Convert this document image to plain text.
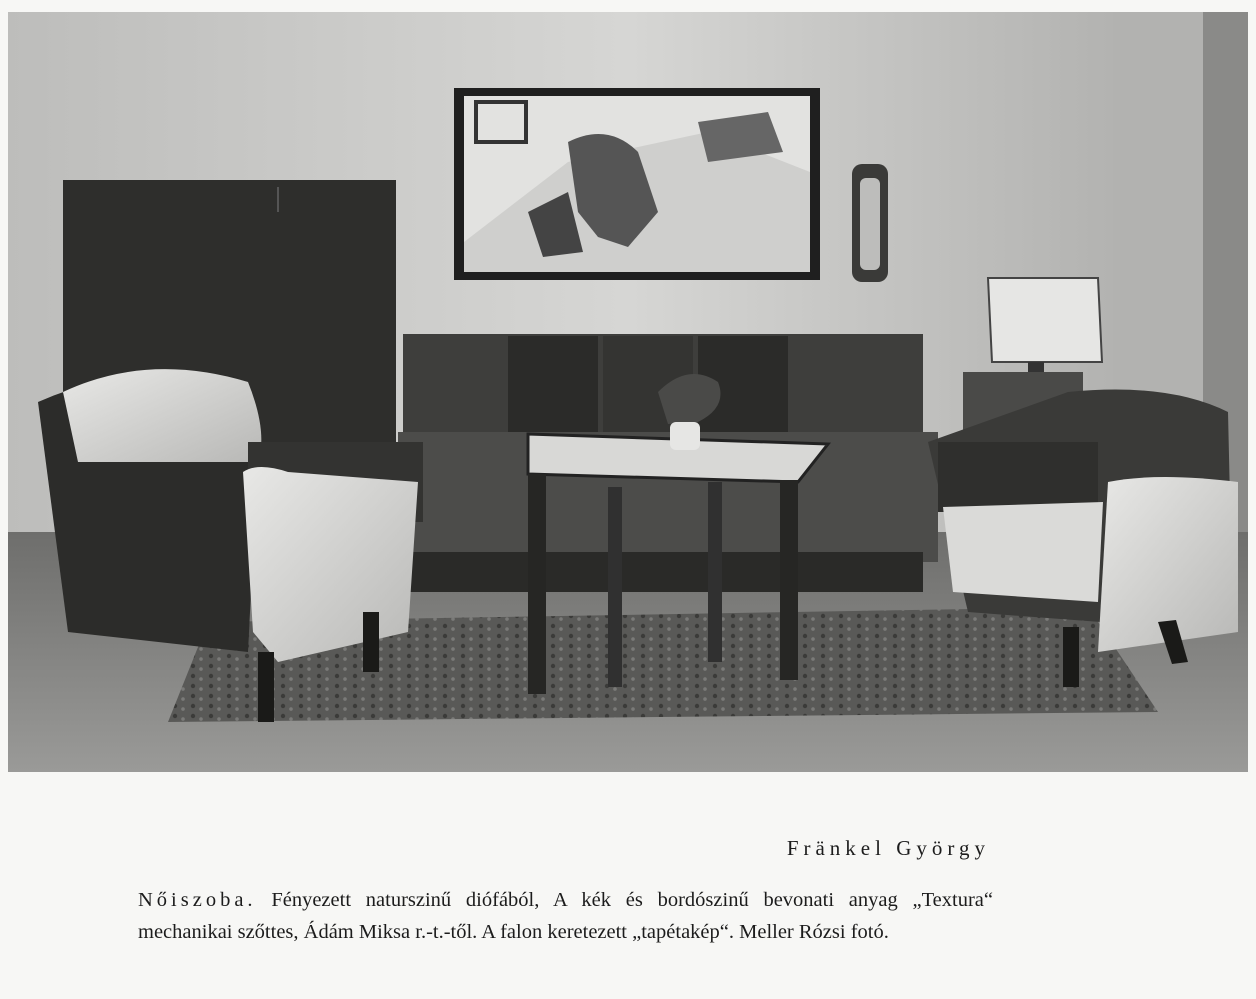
Fränkel György

Nőiszoba. Fényezett naturszinű diófából, A kék és bordószinű bevonati anyag „Textura“ mechanikai szőttes, Ádám Miksa r.-t.-től. A falon keretezett „tapétakép“. Meller Rózsi fotó.
